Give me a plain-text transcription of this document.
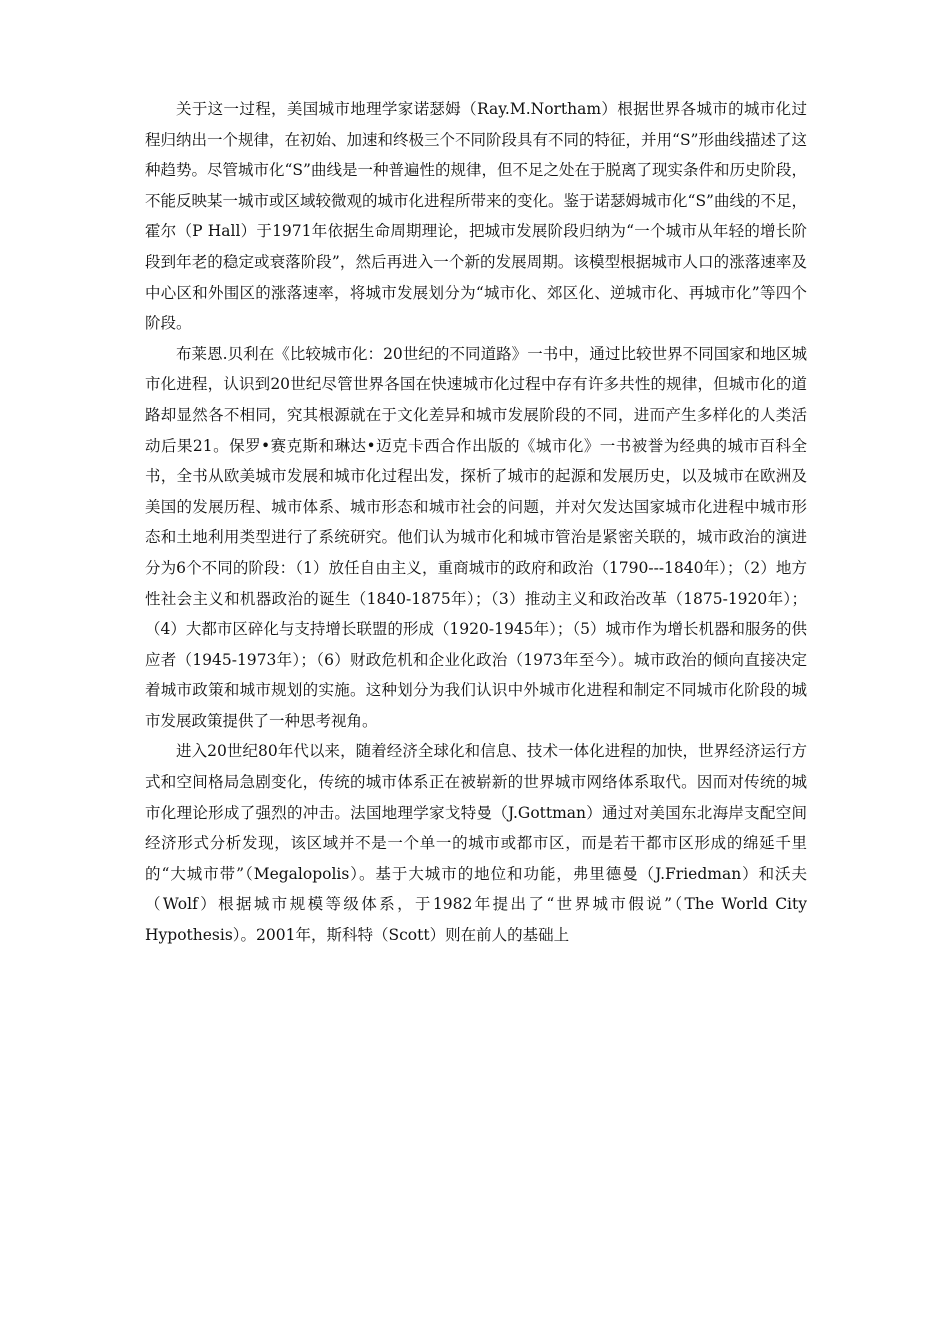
关于这一过程，美国城市地理学家诺瑟姆（Ray.M.Northam）根据世界各城市的城市化过程归纳出一个规律，在初始、加速和终极三个不同阶段具有不同的特征，并用“S”形曲线描述了这种趋势。尽管城市化“S”曲线是一种普遍性的规律，但不足之处在于脱离了现实条件和历史阶段，不能反映某一城市或区域较微观的城市化进程所带来的变化。鉴于诺瑟姆城市化“S”曲线的不足，霍尔（P Hall）于1971年依据生命周期理论，把城市发展阶段归纳为“一个城市从年轻的增长阶段到年老的稳定或衰落阶段”，然后再进入一个新的发展周期。该模型根据城市人口的涨落速率及中心区和外围区的涨落速率，将城市发展划分为“城市化、郊区化、逆城市化、再城市化”等四个阶段。

布莱恩.贝利在《比较城市化：20世纪的不同道路》一书中，通过比较世界不同国家和地区城市化进程，认识到20世纪尽管世界各国在快速城市化过程中存有许多共性的规律，但城市化的道路却显然各不相同，究其根源就在于文化差异和城市发展阶段的不同，进而产生多样化的人类活动后果21。保罗•赛克斯和琳达•迈克卡西合作出版的《城市化》一书被誉为经典的城市百科全书，全书从欧美城市发展和城市化过程出发，探析了城市的起源和发展历史，以及城市在欧洲及美国的发展历程、城市体系、城市形态和城市社会的问题，并对欠发达国家城市化进程中城市形态和土地利用类型进行了系统研究。他们认为城市化和城市管治是紧密关联的，城市政治的演进分为6个不同的阶段：（1）放任自由主义，重商城市的政府和政治（1790---1840年）；（2）地方性社会主义和机器政治的诞生（1840-1875年）；（3）推动主义和政治改革（1875-1920年）；（4）大都市区碎化与支持增长联盟的形成（1920-1945年）；（5）城市作为增长机器和服务的供应者（1945-1973年）；（6）财政危机和企业化政治（1973年至今）。城市政治的倾向直接决定着城市政策和城市规划的实施。这种划分为我们认识中外城市化进程和制定不同城市化阶段的城市发展政策提供了一种思考视角。

进入20世纪80年代以来，随着经济全球化和信息、技术一体化进程的加快，世界经济运行方式和空间格局急剧变化，传统的城市体系正在被崭新的世界城市网络体系取代。因而对传统的城市化理论形成了强烈的冲击。法国地理学家戈特曼（J.Gottman）通过对美国东北海岸支配空间经济形式分析发现，该区域并不是一个单一的城市或都市区，而是若干都市区形成的绵延千里的“大城市带”（Megalopolis）。基于大城市的地位和功能，弗里德曼（J.Friedman）和沃夫（Wolf）根据城市规模等级体系，于1982年提出了“世界城市假说”（The World City Hypothesis）。2001年，斯科特（Scott）则在前人的基础上
